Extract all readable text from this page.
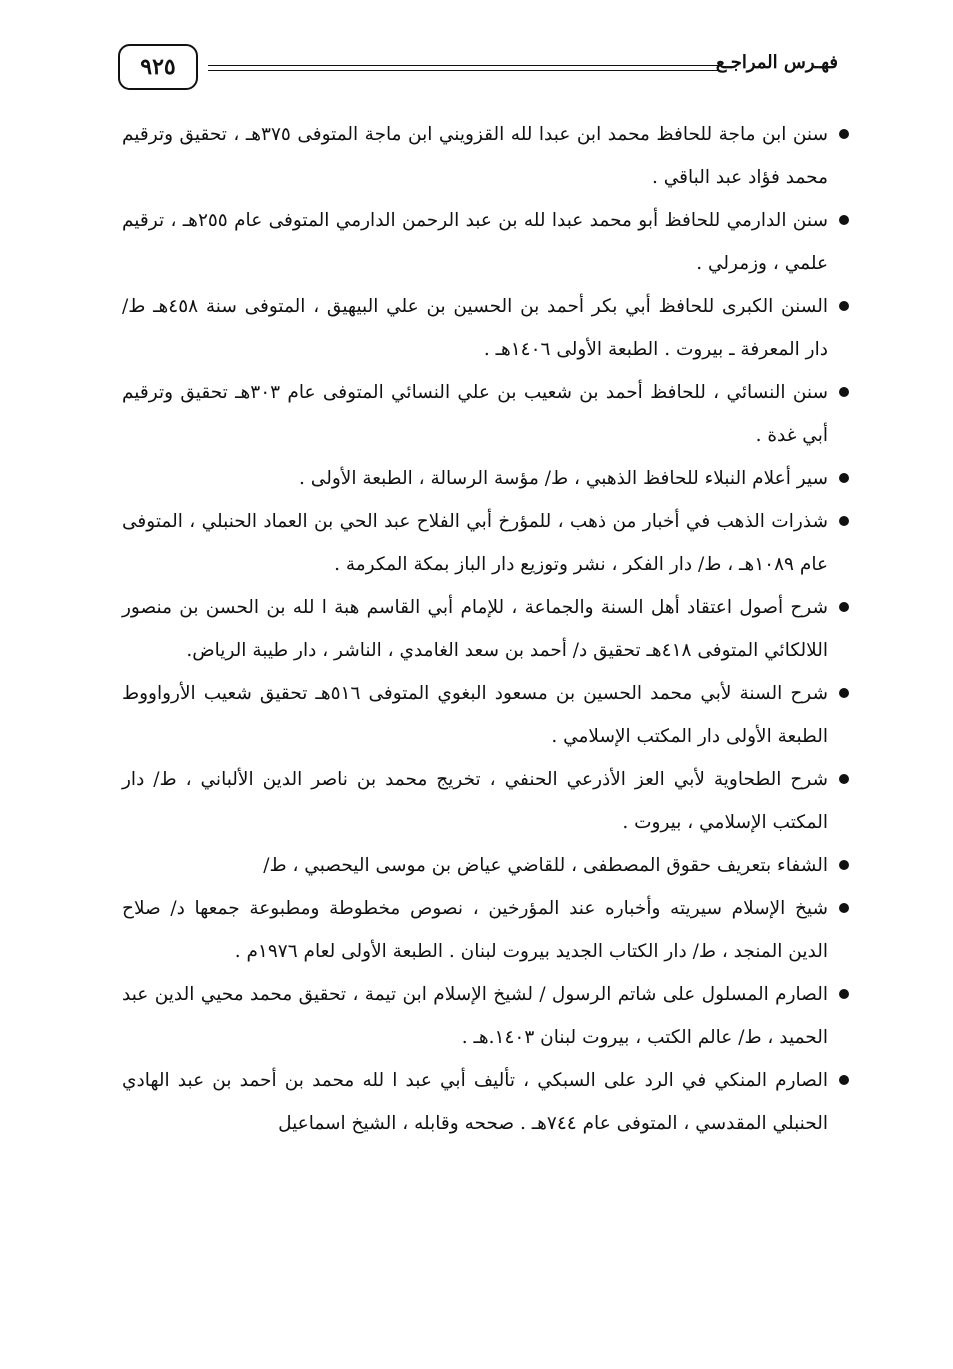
٩٢٥	فهـرس المراجـع
سنن ابن ماجة للحافظ محمد ابن عبدا لله القزويني ابن ماجة المتوفى ٣٧٥هـ ، تحقيق وترقيم محمد فؤاد عبد الباقي .
سنن الدارمي للحافظ أبو محمد عبدا لله بن عبد الرحمن الدارمي المتوفى عام ٢٥٥هـ ، ترقيم علمي ، وزمرلي .
السنن الكبرى للحافظ أبي بكر أحمد بن الحسين بن علي البيهيق ، المتوفى سنة ٤٥٨هـ ط/ دار المعرفة ـ بيروت . الطبعة الأولى ١٤٠٦هـ .
سنن النسائي ، للحافظ أحمد بن شعيب بن علي النسائي المتوفى عام ٣٠٣هـ تحقيق وترقيم أبي غدة .
سير أعلام النبلاء للحافظ الذهبي ، ط/ مؤسة الرسالة ، الطبعة الأولى .
شذرات الذهب في أخبار من ذهب ، للمؤرخ أبي الفلاح عبد الحي بن العماد الحنبلي ، المتوفى عام ١٠٨٩هـ ، ط/ دار الفكر ، نشر وتوزيع دار الباز بمكة المكرمة .
شرح أصول اعتقاد أهل السنة والجماعة ، للإمام أبي القاسم هبة ا لله بن الحسن بن منصور اللالكائي المتوفى ٤١٨هـ تحقيق د/ أحمد بن سعد الغامدي ، الناشر ، دار طيبة الرياض.
شرح السنة لأبي محمد الحسين بن مسعود البغوي المتوفى ٥١٦هـ تحقيق شعيب الأرواووط الطبعة الأولى دار المكتب الإسلامي .
شرح الطحاوية لأبي العز الأذرعي الحنفي ، تخريج محمد بن ناصر الدين الألباني ، ط/ دار المكتب الإسلامي ، بيروت .
الشفاء بتعريف حقوق المصطفى ، للقاضي عياض بن موسى اليحصبي ، ط/
شيخ الإسلام سيريته وأخباره عند المؤرخين ، نصوص مخطوطة ومطبوعة جمعها د/ صلاح الدين المنجد ، ط/ دار الكتاب الجديد بيروت لبنان . الطبعة الأولى لعام ١٩٧٦م .
الصارم المسلول على شاتم الرسول / لشيخ الإسلام ابن تيمة ، تحقيق محمد محيي الدين عبد الحميد ، ط/ عالم الكتب ، بيروت لبنان ١٤٠٣.هـ .
الصارم المنكي في الرد على السبكي ، تأليف أبي عبد ا لله محمد بن أحمد بن عبد الهادي الحنبلي المقدسي ، المتوفى عام ٧٤٤هـ . صححه وقابله ، الشيخ اسماعيل
